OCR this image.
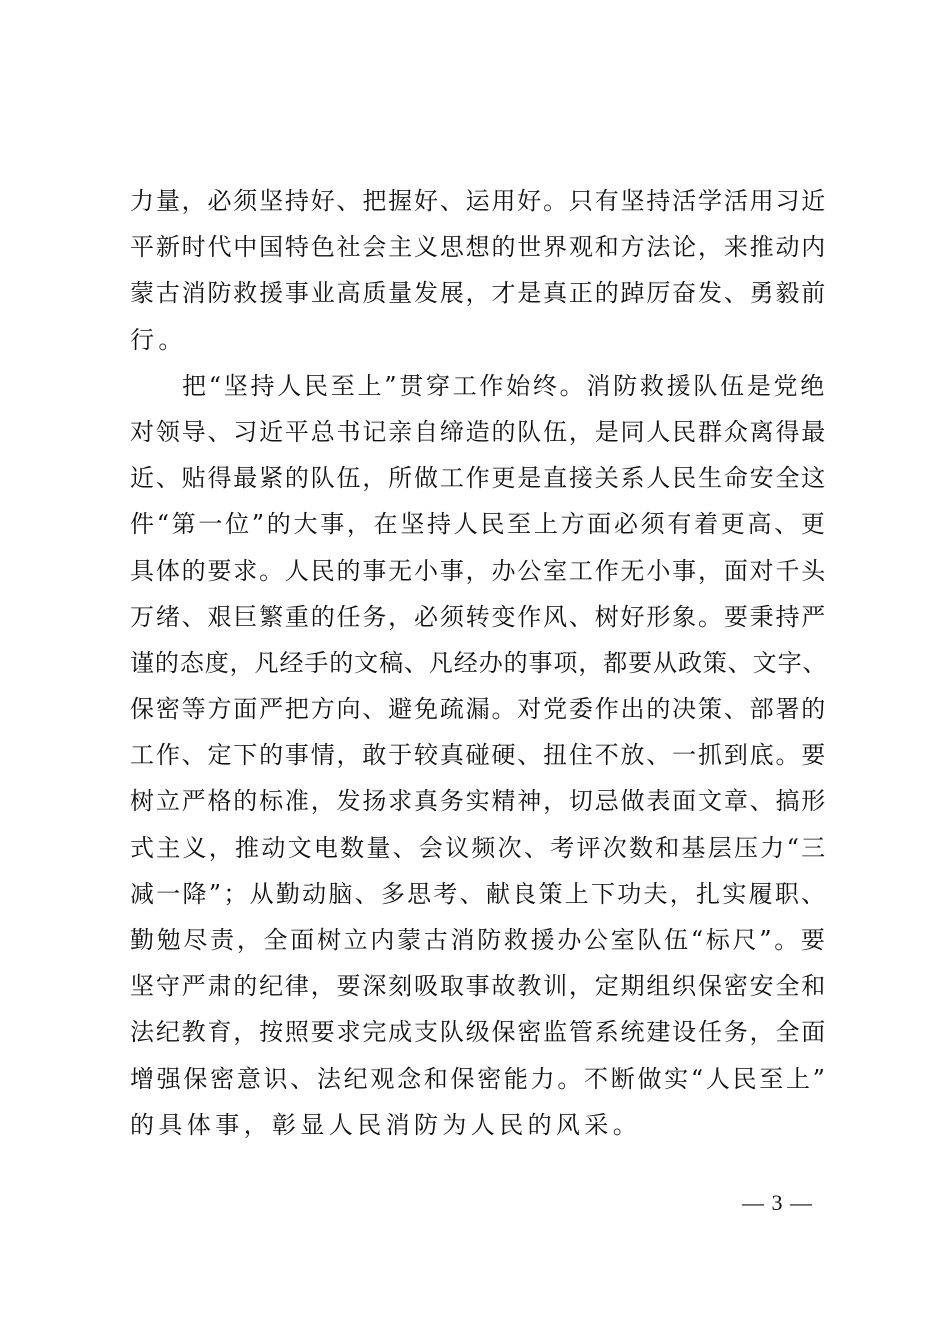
力量，必须坚持好、把握好、运用好。只有坚持活学活用习近
平新时代中国特色社会主义思想的世界观和方法论，来推动内
蒙古消防救援事业高质量发展，才是真正的踔厉奋发、勇毅前
行。
把“坚持人民至上”贯穿工作始终。消防救援队伍是党绝
对领导、习近平总书记亲自缔造的队伍，是同人民群众离得最
近、贴得最紧的队伍，所做工作更是直接关系人民生命安全这
件“第一位”的大事，在坚持人民至上方面必须有着更高、更
具体的要求。人民的事无小事，办公室工作无小事，面对千头
万绪、艰巨繁重的任务，必须转变作风、树好形象。要秉持严
谨的态度，凡经手的文稿、凡经办的事项，都要从政策、文字、
保密等方面严把方向、避免疏漏。对党委作出的决策、部署的
工作、定下的事情，敢于较真碰硬、扭住不放、一抓到底。要
树立严格的标准，发扬求真务实精神，切忌做表面文章、搞形
式主义，推动文电数量、会议频次、考评次数和基层压力“三
减一降”；从勤动脑、多思考、献良策上下功夫，扎实履职、
勤勉尽责，全面树立内蒙古消防救援办公室队伍“标尺”。要
坚守严肃的纪律，要深刻吸取事故教训，定期组织保密安全和
法纪教育，按照要求完成支队级保密监管系统建设任务，全面
增强保密意识、法纪观念和保密能力。不断做实“人民至上”
的具体事，彰显人民消防为人民的风采。
— 3 —
